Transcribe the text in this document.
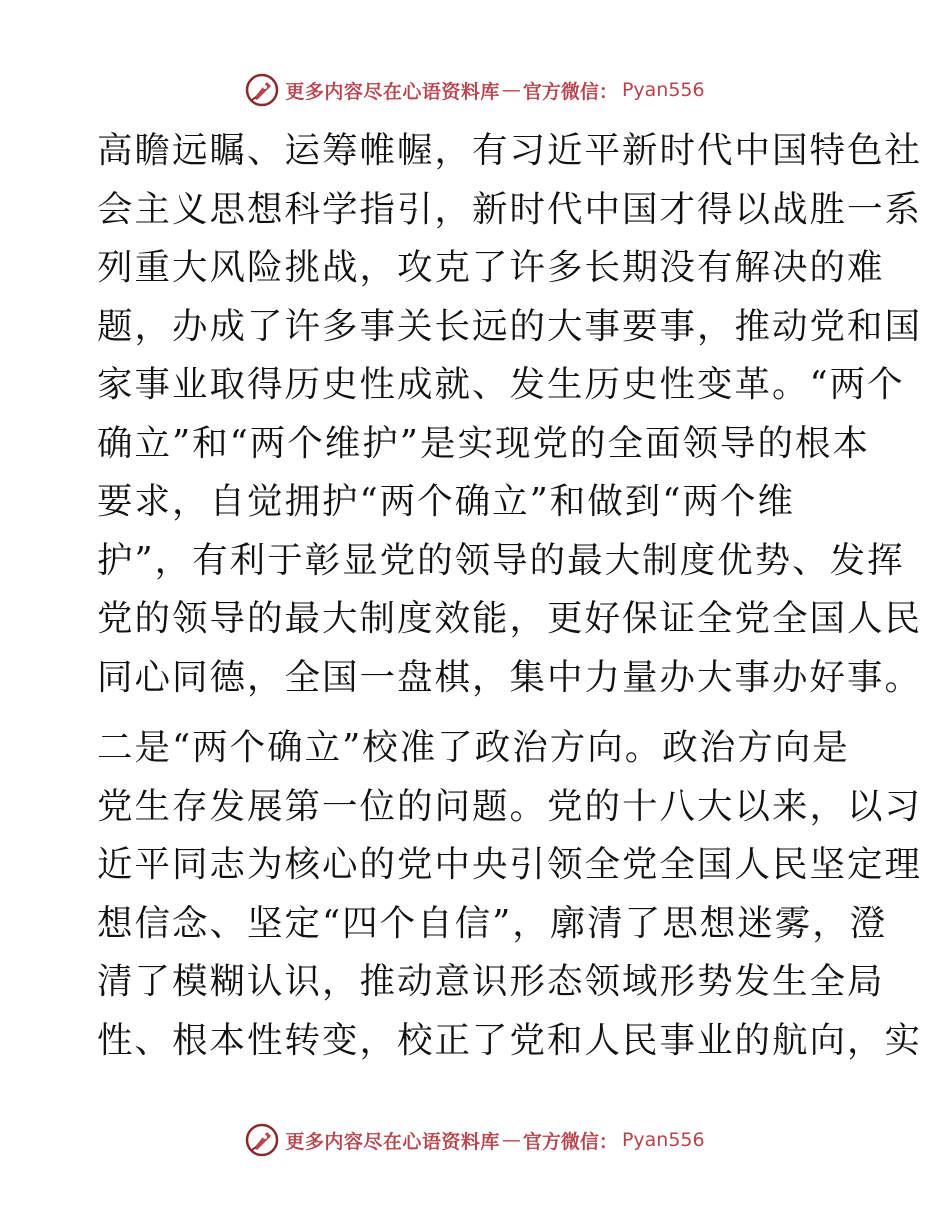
更多内容尽在心语资料库 — 官方微信： Pyan556

高瞻远瞩、运筹帷幄，有习近平新时代中国特色社
会主义思想科学指引，新时代中国才得以战胜一系
列重大风险挑战，攻克了许多长期没有解决的难
题，办成了许多事关长远的大事要事，推动党和国
家事业取得历史性成就、发生历史性变革。“两个
确立”和“两个维护”是实现党的全面领导的根本
要求，自觉拥护“两个确立”和做到“两个维
护”，有利于彰显党的领导的最大制度优势、发挥
党的领导的最大制度效能，更好保证全党全国人民
同心同德，全国一盘棋，集中力量办大事办好事。

二是“两个确立”校准了政治方向。政治方向是
党生存发展第一位的问题。党的十八大以来，以习
近平同志为核心的党中央引领全党全国人民坚定理
想信念、坚定“四个自信”，廓清了思想迷雾，澄
清了模糊认识，推动意识形态领域形势发生全局
性、根本性转变，校正了党和人民事业的航向，实

更多内容尽在心语资料库 — 官方微信： Pyan556
